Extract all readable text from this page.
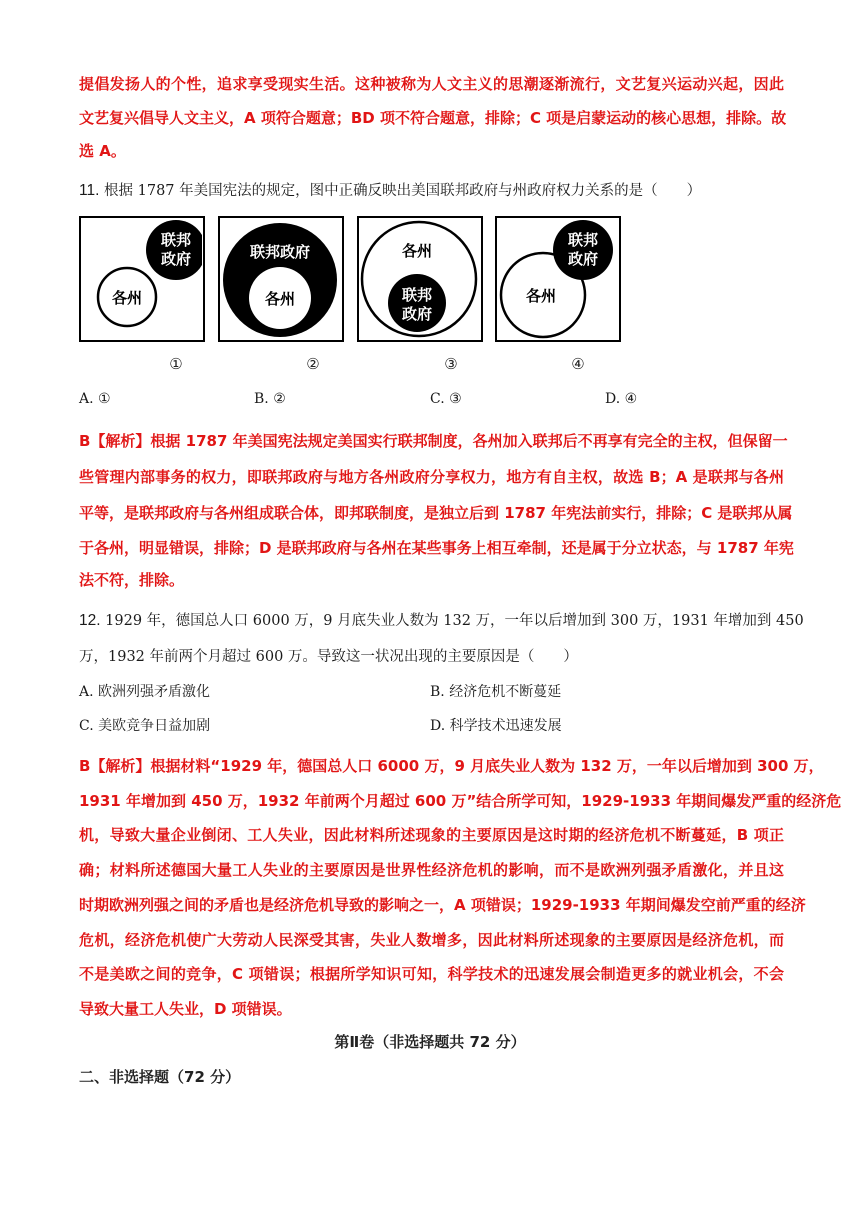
提倡发扬人的个性，追求享受现实生活。这种被称为人文主义的思潮逐渐流行，文艺复兴运动兴起，因此
文艺复兴倡导人文主义，A 项符合题意；BD 项不符合题意，排除；C 项是启蒙运动的核心思想，排除。故
选 A。
11. 根据 1787 年美国宪法的规定，图中正确反映出美国联邦政府与州政府权力关系的是（　　）
联邦
政府
各州
联邦政府
各州
各州
联邦
政府
联邦
政府
各州
①	②	③	④
A. ①	B. ②	C. ③	D. ④
B【解析】根据 1787 年美国宪法规定美国实行联邦制度，各州加入联邦后不再享有完全的主权，但保留一
些管理内部事务的权力，即联邦政府与地方各州政府分享权力，地方有自主权，故选 B；A 是联邦与各州
平等，是联邦政府与各州组成联合体，即邦联制度，是独立后到 1787 年宪法前实行，排除；C 是联邦从属
于各州，明显错误，排除；D 是联邦政府与各州在某些事务上相互牵制，还是属于分立状态，与 1787 年宪
法不符，排除。
12. 1929 年，德国总人口 6000 万，9 月底失业人数为 132 万，一年以后增加到 300 万，1931 年增加到 450
万，1932 年前两个月超过 600 万。导致这一状况出现的主要原因是（　　）
A. 欧洲列强矛盾激化	B. 经济危机不断蔓延
C. 美欧竞争日益加剧	D. 科学技术迅速发展
B【解析】根据材料“1929 年，德国总人口 6000 万，9 月底失业人数为 132 万，一年以后增加到 300 万，
1931 年增加到 450 万，1932 年前两个月超过 600 万”结合所学可知，1929-1933 年期间爆发严重的经济危
机，导致大量企业倒闭、工人失业，因此材料所述现象的主要原因是这时期的经济危机不断蔓延，B 项正
确；材料所述德国大量工人失业的主要原因是世界性经济危机的影响，而不是欧洲列强矛盾激化，并且这
时期欧洲列强之间的矛盾也是经济危机导致的影响之一，A 项错误；1929-1933 年期间爆发空前严重的经济
危机，经济危机使广大劳动人民深受其害，失业人数增多，因此材料所述现象的主要原因是经济危机，而
不是美欧之间的竞争，C 项错误；根据所学知识可知，科学技术的迅速发展会制造更多的就业机会，不会
导致大量工人失业，D 项错误。
第Ⅱ卷（非选择题共 72 分）
二、非选择题（72 分）
